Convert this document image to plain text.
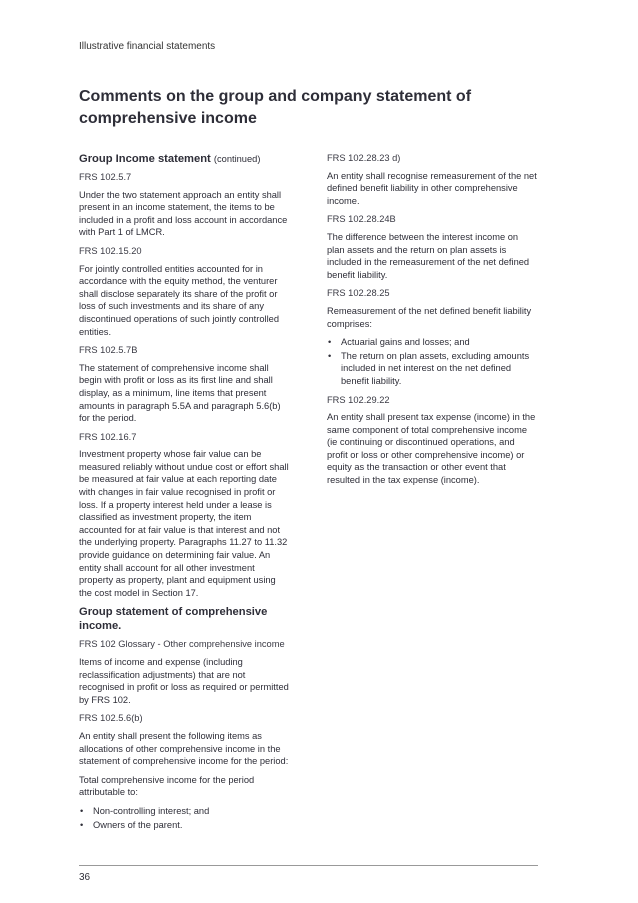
Illustrative financial statements
Comments on the group and company statement of comprehensive income
Group Income statement (continued)

FRS 102.5.7

Under the two statement approach an entity shall present in an income statement, the items to be included in a profit and loss account in accordance with Part 1 of LMCR.

FRS 102.15.20

For jointly controlled entities accounted for in accordance with the equity method, the venturer shall disclose separately its share of the profit or loss of such investments and its share of any discontinued operations of such jointly controlled entities.

FRS 102.5.7B

The statement of comprehensive income shall begin with profit or loss as its first line and shall display, as a minimum, line items that present amounts in paragraph 5.5A and paragraph 5.6(b) for the period.

FRS 102.16.7

Investment property whose fair value can be measured reliably without undue cost or effort shall be measured at fair value at each reporting date with changes in fair value recognised in profit or loss. If a property interest held under a lease is classified as investment property, the item accounted for at fair value is that interest and not the underlying property. Paragraphs 11.27 to 11.32 provide guidance on determining fair value. An entity shall account for all other investment property as property, plant and equipment using the cost model in Section 17.

Group statement of comprehensive income.

FRS 102 Glossary - Other comprehensive income

Items of income and expense (including reclassification adjustments) that are not recognised in profit or loss as required or permitted by FRS 102.

FRS 102.5.6(b)

An entity shall present the following items as allocations of other comprehensive income in the statement of comprehensive income for the period:

Total comprehensive income for the period attributable to:

• Non-controlling interest; and
• Owners of the parent.

FRS 102.28.23 d)

An entity shall recognise remeasurement of the net defined benefit liability in other comprehensive income.

FRS 102.28.24B

The difference between the interest income on plan assets and the return on plan assets is included in the remeasurement of the net defined benefit liability.

FRS 102.28.25

Remeasurement of the net defined benefit liability comprises:

• Actuarial gains and losses; and
• The return on plan assets, excluding amounts included in net interest on the net defined benefit liability.

FRS 102.29.22

An entity shall present tax expense (income) in the same component of total comprehensive income (ie continuing or discontinued operations, and profit or loss or other comprehensive income) or equity as the transaction or other event that resulted in the tax expense (income).

36
